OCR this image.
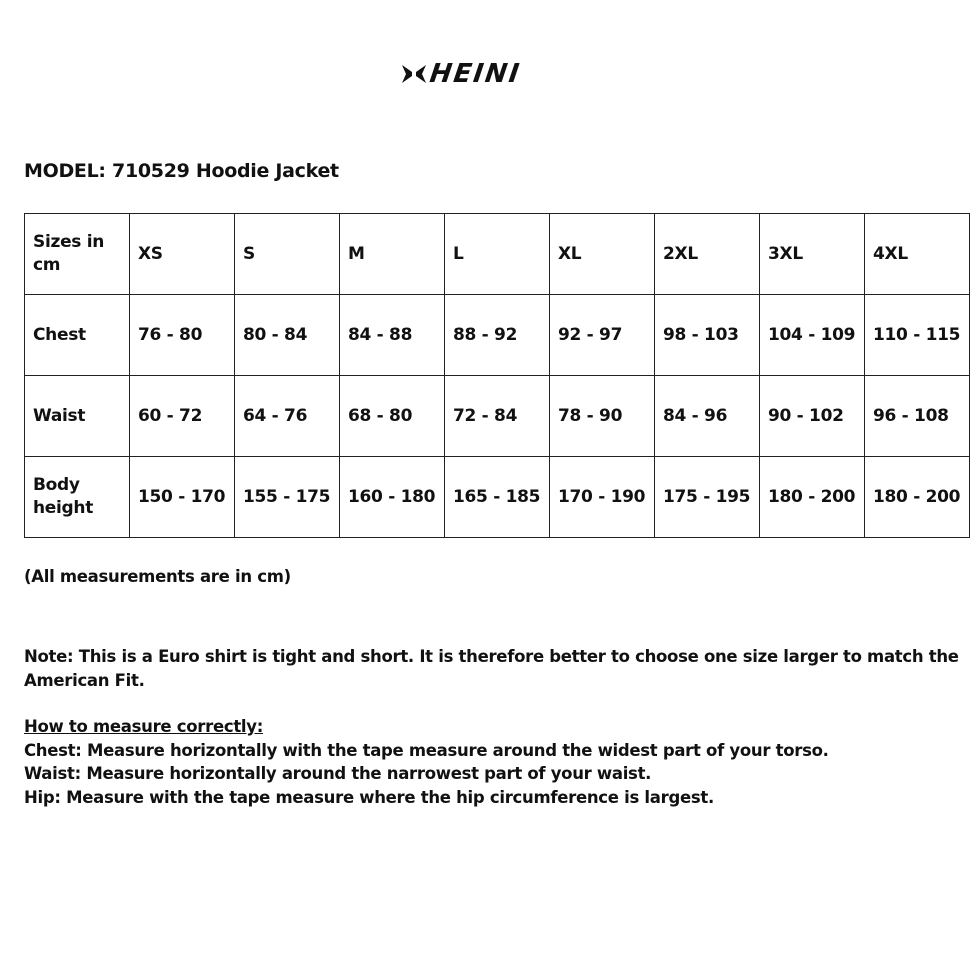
HEINI
MODEL: 710529 Hoodie Jacket
Sizes in cm	XS	S	M	L	XL	2XL	3XL	4XL
Chest	76 - 80	80 - 84	84 - 88	88 - 92	92 - 97	98 - 103	104 - 109	110 - 115
Waist	60 - 72	64 - 76	68 - 80	72 - 84	78 - 90	84 - 96	90 - 102	96 - 108
Body height	150 - 170	155 - 175	160 - 180	165 - 185	170 - 190	175 - 195	180 - 200	180 - 200
(All measurements are in cm)
Note: This is a Euro shirt is tight and short. It is therefore better to choose one size larger to match the American Fit.
How to measure correctly:
Chest: Measure horizontally with the tape measure around the widest part of your torso.
Waist: Measure horizontally around the narrowest part of your waist.
Hip: Measure with the tape measure where the hip circumference is largest.
